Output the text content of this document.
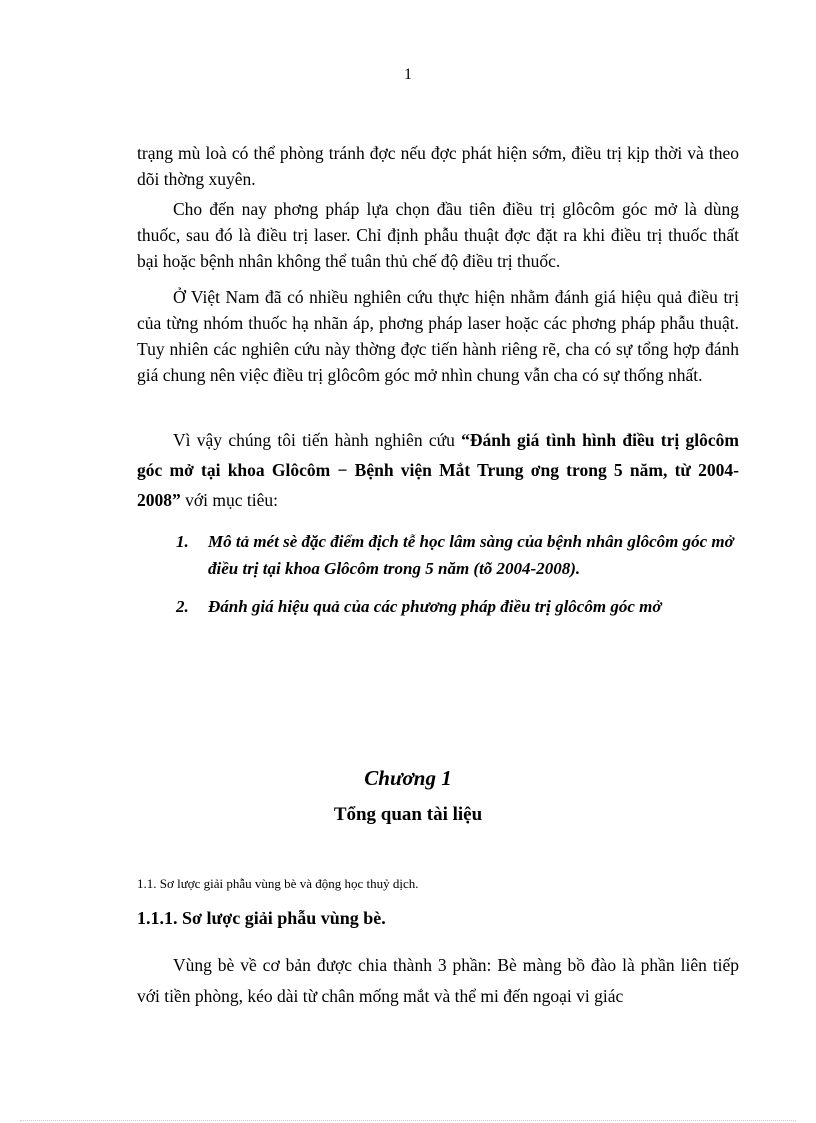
1

trạng mù loà có thể phòng tránh đợc nếu đợc phát hiện sớm, điều trị kịp thời và theo dõi thờng xuyên.

Cho đến nay phơng pháp lựa chọn đầu tiên điều trị glôcôm góc mở là dùng thuốc, sau đó là điều trị laser. Chỉ định phẫu thuật đợc đặt ra khi điều trị thuốc thất bại hoặc bệnh nhân không thể tuân thủ chế độ điều trị thuốc.

Ở Việt Nam đã có nhiều nghiên cứu thực hiện nhằm đánh giá hiệu quả điều trị của từng nhóm thuốc hạ nhãn áp, phơng pháp laser hoặc các phơng pháp phẫu thuật. Tuy nhiên các nghiên cứu này thờng đợc tiến hành riêng rẽ, cha có sự tổng hợp đánh giá chung nên việc điều trị glôcôm góc mở nhìn chung vẫn cha có sự thống nhất.

Vì vậy chúng tôi tiến hành nghiên cứu “Đánh giá tình hình điều trị glôcôm góc mở tại khoa Glôcôm − Bệnh viện Mắt Trung ơng trong 5 năm, từ 2004-2008” với mục tiêu:

1. Mô tả mét sè đặc điểm địch tễ học lâm sàng của bệnh nhân glôcôm góc mở điều trị tại khoa Glôcôm trong 5 năm (tõ 2004-2008).
2. Đánh giá hiệu quả của các phương pháp điều trị glôcôm góc mở
Chương 1
Tổng quan tài liệu
1.1. Sơ lược giải phẫu vùng bè và động học thuỷ dịch.
1.1.1. Sơ lược giải phẫu vùng bè.

Vùng bè về cơ bản được chia thành 3 phần: Bè màng bồ đào là phần liên tiếp với tiền phòng, kéo dài từ chân mống mắt và thể mi đến ngoại vi giác
